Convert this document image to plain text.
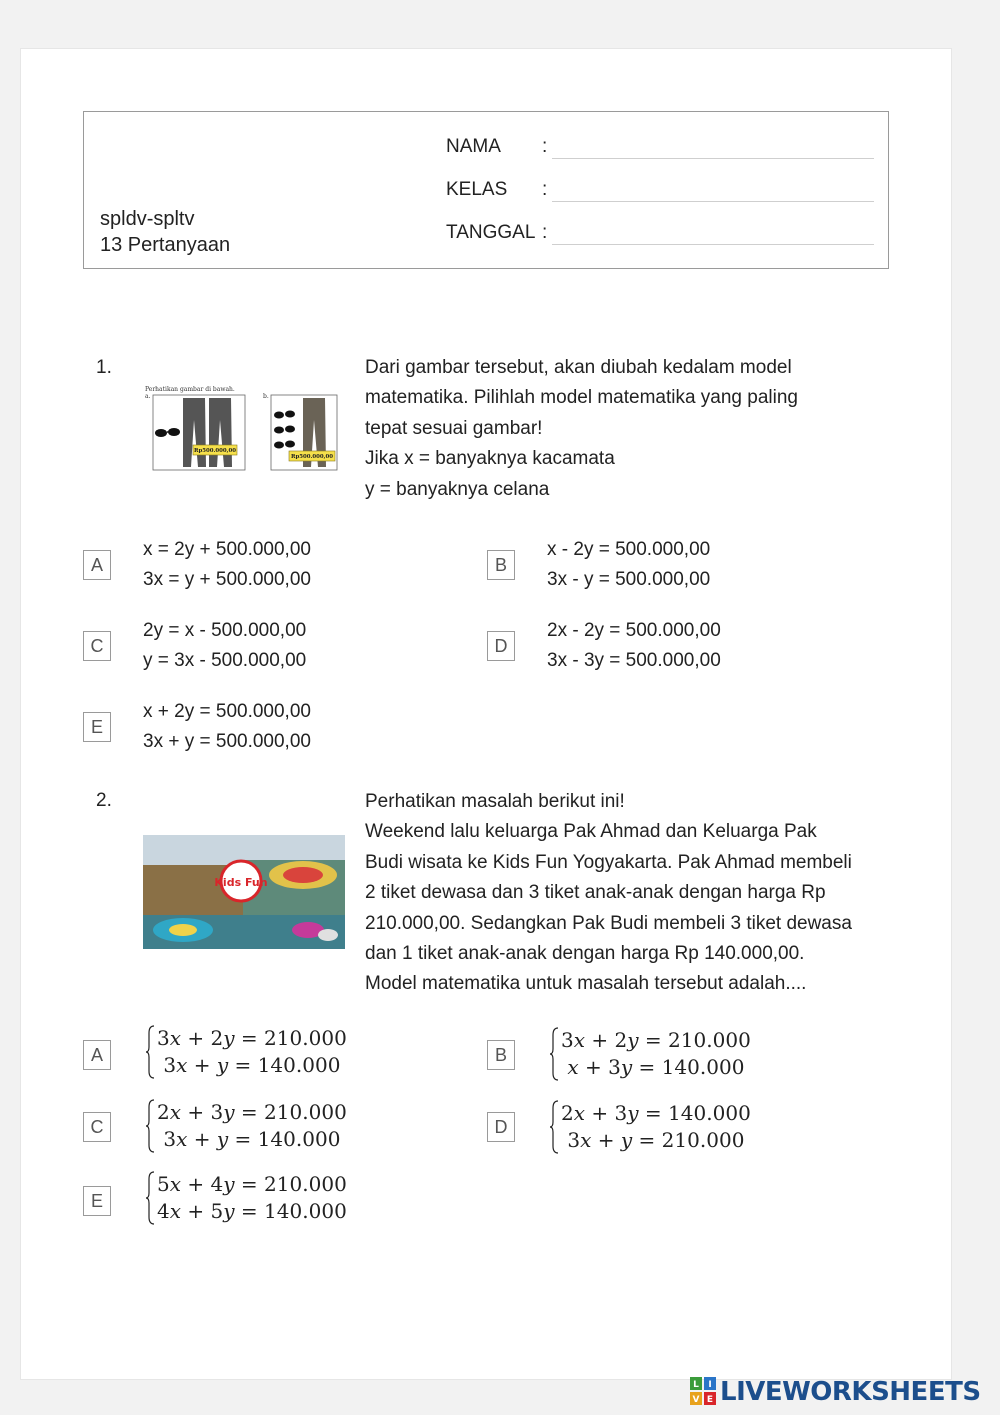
spldv-spltv
13 Pertanyaan
NAMA :
KELAS :
TANGGAL :
1.
Perhatikan gambar di bawah.
a.	b.
Rp500.000,00
Rp500.000,00
Dari gambar tersebut, akan diubah kedalam model
matematika. Pilihlah model matematika yang paling
tepat sesuai gambar!
Jika x = banyaknya kacamata
y = banyaknya celana
A
x = 2y + 500.000,00
3x = y + 500.000,00
B
x - 2y = 500.000,00
3x - y = 500.000,00
C
2y = x - 500.000,00
y = 3x - 500.000,00
D
2x - 2y = 500.000,00
3x - 3y = 500.000,00
E
x + 2y = 500.000,00
3x + y = 500.000,00
2.
Kids Fun
Perhatikan masalah berikut ini!
Weekend lalu keluarga Pak Ahmad dan Keluarga Pak
Budi wisata ke Kids Fun Yogyakarta. Pak Ahmad membeli
2 tiket dewasa dan 3 tiket anak-anak dengan harga Rp
210.000,00. Sedangkan Pak Budi membeli 3 tiket dewasa
dan 1 tiket anak-anak dengan harga Rp 140.000,00.
Model matematika untuk masalah tersebut adalah....
A
3x + 2y = 210.000
3x + y = 140.000	B
3x + 2y = 210.000
x + 3y = 140.000
C
2x + 3y = 210.000
3x + y = 140.000
D
2x + 3y = 140.000
3x + y = 210.000
E
5x + 4y = 210.000
4x + 5y = 140.000
L I
V E LIVEWORKSHEETS
